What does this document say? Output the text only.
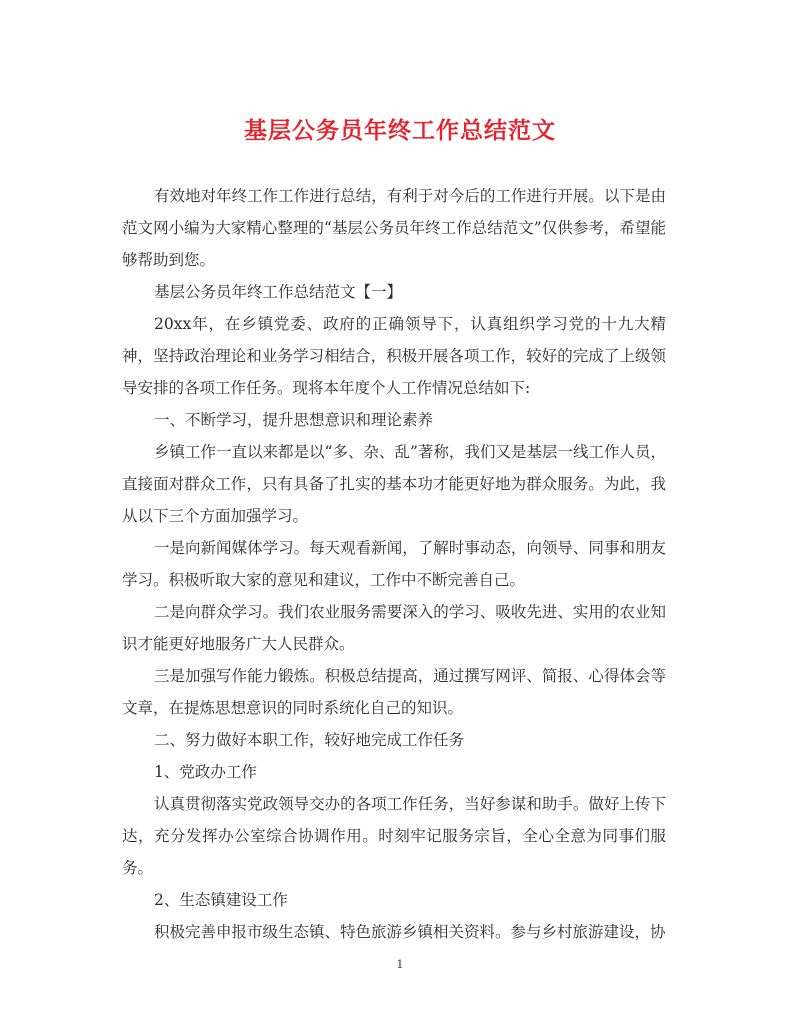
基层公务员年终工作总结范文

有效地对年终工作工作进行总结，有利于对今后的工作进行开展。以下是由范文网小编为大家精心整理的“基层公务员年终工作总结范文”仅供参考，希望能够帮助到您。

基层公务员年终工作总结范文【一】

20xx年，在乡镇党委、政府的正确领导下，认真组织学习党的十九大精神，坚持政治理论和业务学习相结合，积极开展各项工作，较好的完成了上级领导安排的各项工作任务。现将本年度个人工作情况总结如下:

一、不断学习，提升思想意识和理论素养

乡镇工作一直以来都是以“多、杂、乱”著称，我们又是基层一线工作人员，直接面对群众工作，只有具备了扎实的基本功才能更好地为群众服务。为此，我从以下三个方面加强学习。

一是向新闻媒体学习。每天观看新闻，了解时事动态，向领导、同事和朋友学习。积极听取大家的意见和建议，工作中不断完善自己。

二是向群众学习。我们农业服务需要深入的学习、吸收先进、实用的农业知识才能更好地服务广大人民群众。

三是加强写作能力锻炼。积极总结提高，通过撰写网评、简报、心得体会等文章，在提炼思想意识的同时系统化自己的知识。

二、努力做好本职工作，较好地完成工作任务

1、党政办工作

认真贯彻落实党政领导交办的各项工作任务，当好参谋和助手。做好上传下达，充分发挥办公室综合协调作用。时刻牢记服务宗旨，全心全意为同事们服务。

2、生态镇建设工作

积极完善申报市级生态镇、特色旅游乡镇相关资料。参与乡村旅游建设，协

1
